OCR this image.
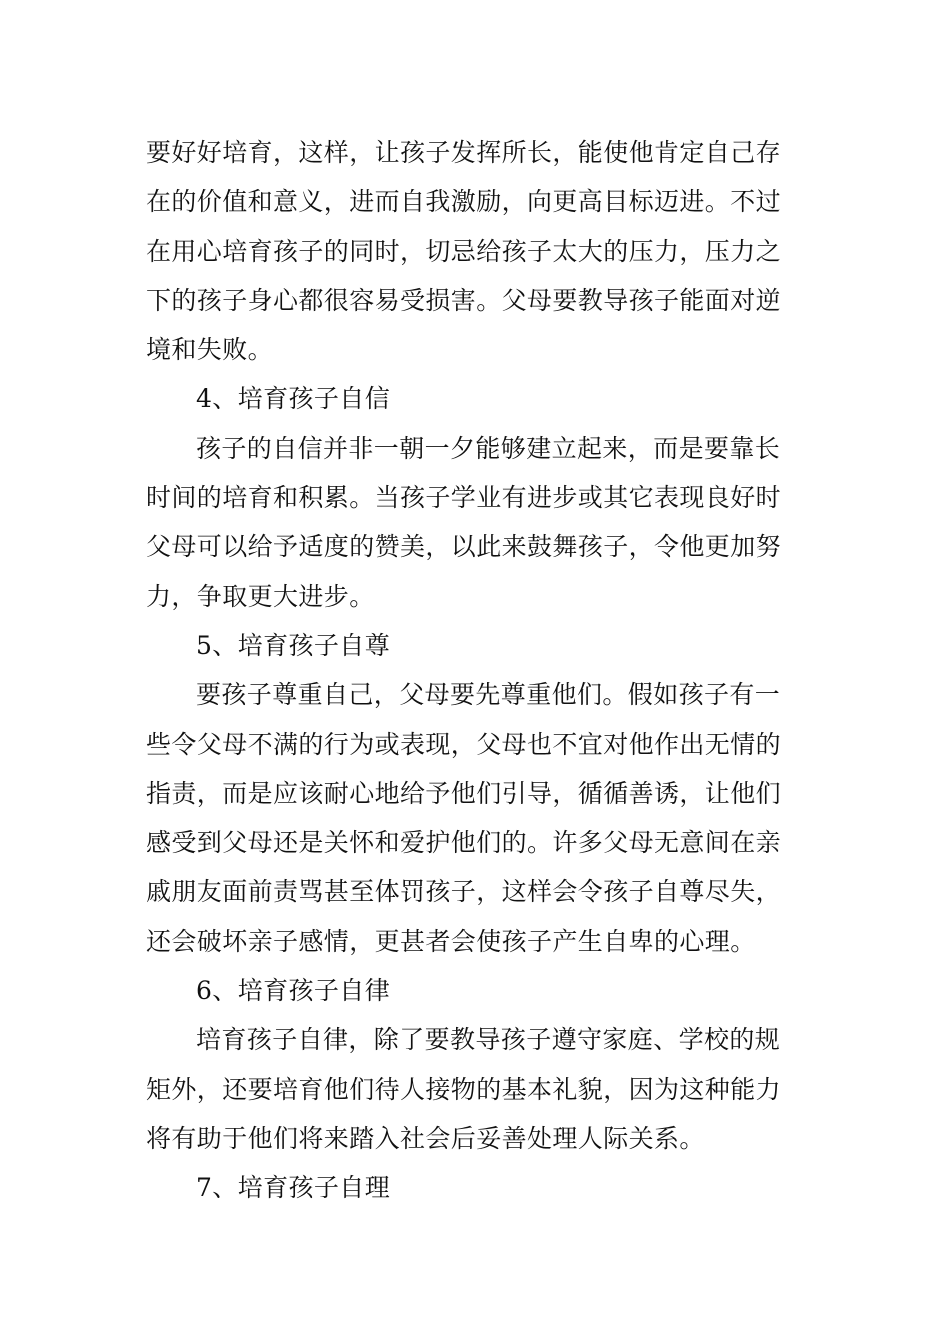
要好好培育，这样，让孩子发挥所长，能使他肯定自己存
在的价值和意义，进而自我激励，向更高目标迈进。不过
在用心培育孩子的同时，切忌给孩子太大的压力，压力之
下的孩子身心都很容易受损害。父母要教导孩子能面对逆
境和失败。
4、培育孩子自信
孩子的自信并非一朝一夕能够建立起来，而是要靠长
时间的培育和积累。当孩子学业有进步或其它表现良好时
父母可以给予适度的赞美，以此来鼓舞孩子，令他更加努
力，争取更大进步。
5、培育孩子自尊
要孩子尊重自己，父母要先尊重他们。假如孩子有一
些令父母不满的行为或表现，父母也不宜对他作出无情的
指责，而是应该耐心地给予他们引导，循循善诱，让他们
感受到父母还是关怀和爱护他们的。许多父母无意间在亲
戚朋友面前责骂甚至体罚孩子，这样会令孩子自尊尽失，
还会破坏亲子感情，更甚者会使孩子产生自卑的心理。
6、培育孩子自律
培育孩子自律，除了要教导孩子遵守家庭、学校的规
矩外，还要培育他们待人接物的基本礼貌，因为这种能力
将有助于他们将来踏入社会后妥善处理人际关系。
7、培育孩子自理
